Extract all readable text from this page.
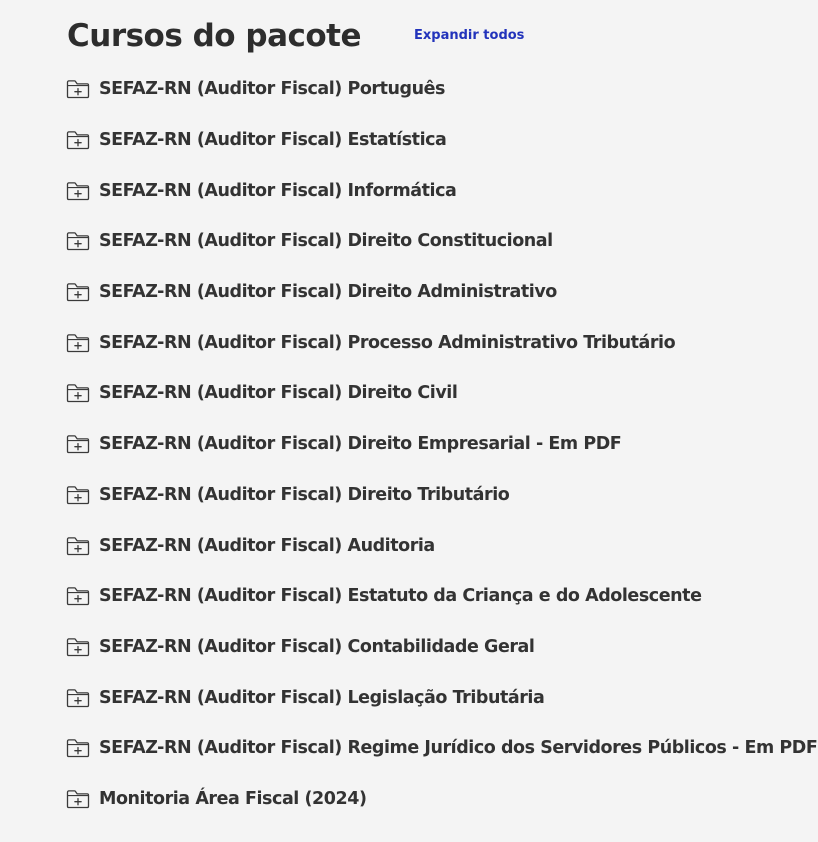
Cursos do pacote	Expandir todos
SEFAZ-RN (Auditor Fiscal) Português
SEFAZ-RN (Auditor Fiscal) Estatística
SEFAZ-RN (Auditor Fiscal) Informática
SEFAZ-RN (Auditor Fiscal) Direito Constitucional
SEFAZ-RN (Auditor Fiscal) Direito Administrativo
SEFAZ-RN (Auditor Fiscal) Processo Administrativo Tributário
SEFAZ-RN (Auditor Fiscal) Direito Civil
SEFAZ-RN (Auditor Fiscal) Direito Empresarial - Em PDF
SEFAZ-RN (Auditor Fiscal) Direito Tributário
SEFAZ-RN (Auditor Fiscal) Auditoria
SEFAZ-RN (Auditor Fiscal) Estatuto da Criança e do Adolescente
SEFAZ-RN (Auditor Fiscal) Contabilidade Geral
SEFAZ-RN (Auditor Fiscal) Legislação Tributária
SEFAZ-RN (Auditor Fiscal) Regime Jurídico dos Servidores Públicos - Em PDF
Monitoria Área Fiscal (2024)
